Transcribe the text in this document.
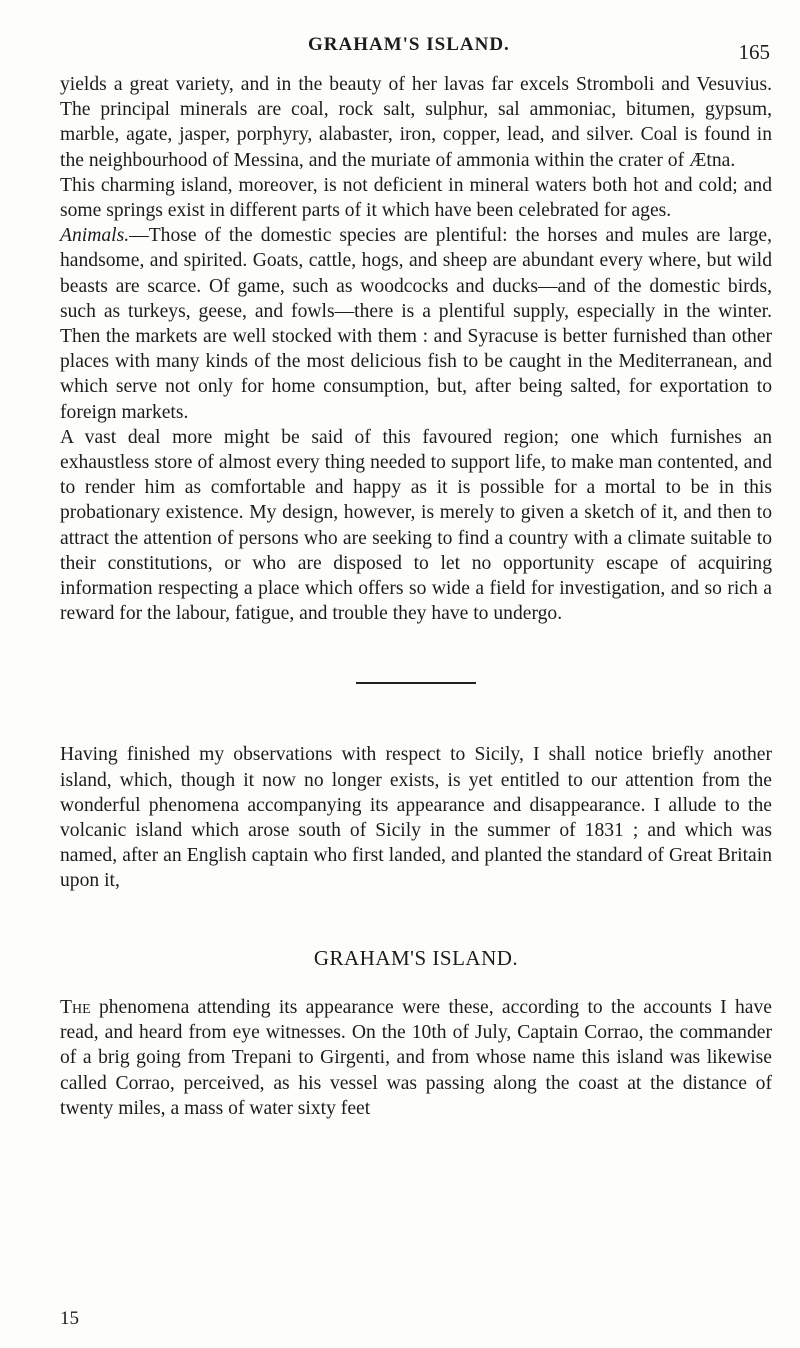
GRAHAM'S ISLAND.	165

yields a great variety, and in the beauty of her lavas far excels Stromboli and Vesuvius. The principal minerals are coal, rock salt, sulphur, sal ammoniac, bitumen, gypsum, marble, agate, jasper, porphyry, alabaster, iron, copper, lead, and silver. Coal is found in the neighbourhood of Messina, and the muriate of ammonia within the crater of Ætna.

This charming island, moreover, is not deficient in mineral waters both hot and cold; and some springs exist in different parts of it which have been celebrated for ages.

Animals.—Those of the domestic species are plentiful: the horses and mules are large, handsome, and spirited. Goats, cattle, hogs, and sheep are abundant every where, but wild beasts are scarce. Of game, such as woodcocks and ducks—and of the domestic birds, such as turkeys, geese, and fowls—there is a plentiful supply, especially in the winter. Then the markets are well stocked with them : and Syracuse is better furnished than other places with many kinds of the most delicious fish to be caught in the Mediterranean, and which serve not only for home consumption, but, after being salted, for exportation to foreign markets.

A vast deal more might be said of this favoured region; one which furnishes an exhaustless store of almost every thing needed to support life, to make man contented, and to render him as comfortable and happy as it is possible for a mortal to be in this probationary existence. My design, however, is merely to given a sketch of it, and then to attract the attention of persons who are seeking to find a country with a climate suitable to their constitutions, or who are disposed to let no opportunity escape of acquiring information respecting a place which offers so wide a field for investigation, and so rich a reward for the labour, fatigue, and trouble they have to undergo.

Having finished my observations with respect to Sicily, I shall notice briefly another island, which, though it now no longer exists, is yet entitled to our attention from the wonderful phenomena accompanying its appearance and disappearance. I allude to the volcanic island which arose south of Sicily in the summer of 1831 ; and which was named, after an English captain who first landed, and planted the standard of Great Britain upon it,

GRAHAM'S ISLAND.

The phenomena attending its appearance were these, according to the accounts I have read, and heard from eye witnesses. On the 10th of July, Captain Corrao, the commander of a brig going from Trepani to Girgenti, and from whose name this island was likewise called Corrao, perceived, as his vessel was passing along the coast at the distance of twenty miles, a mass of water sixty feet

15
